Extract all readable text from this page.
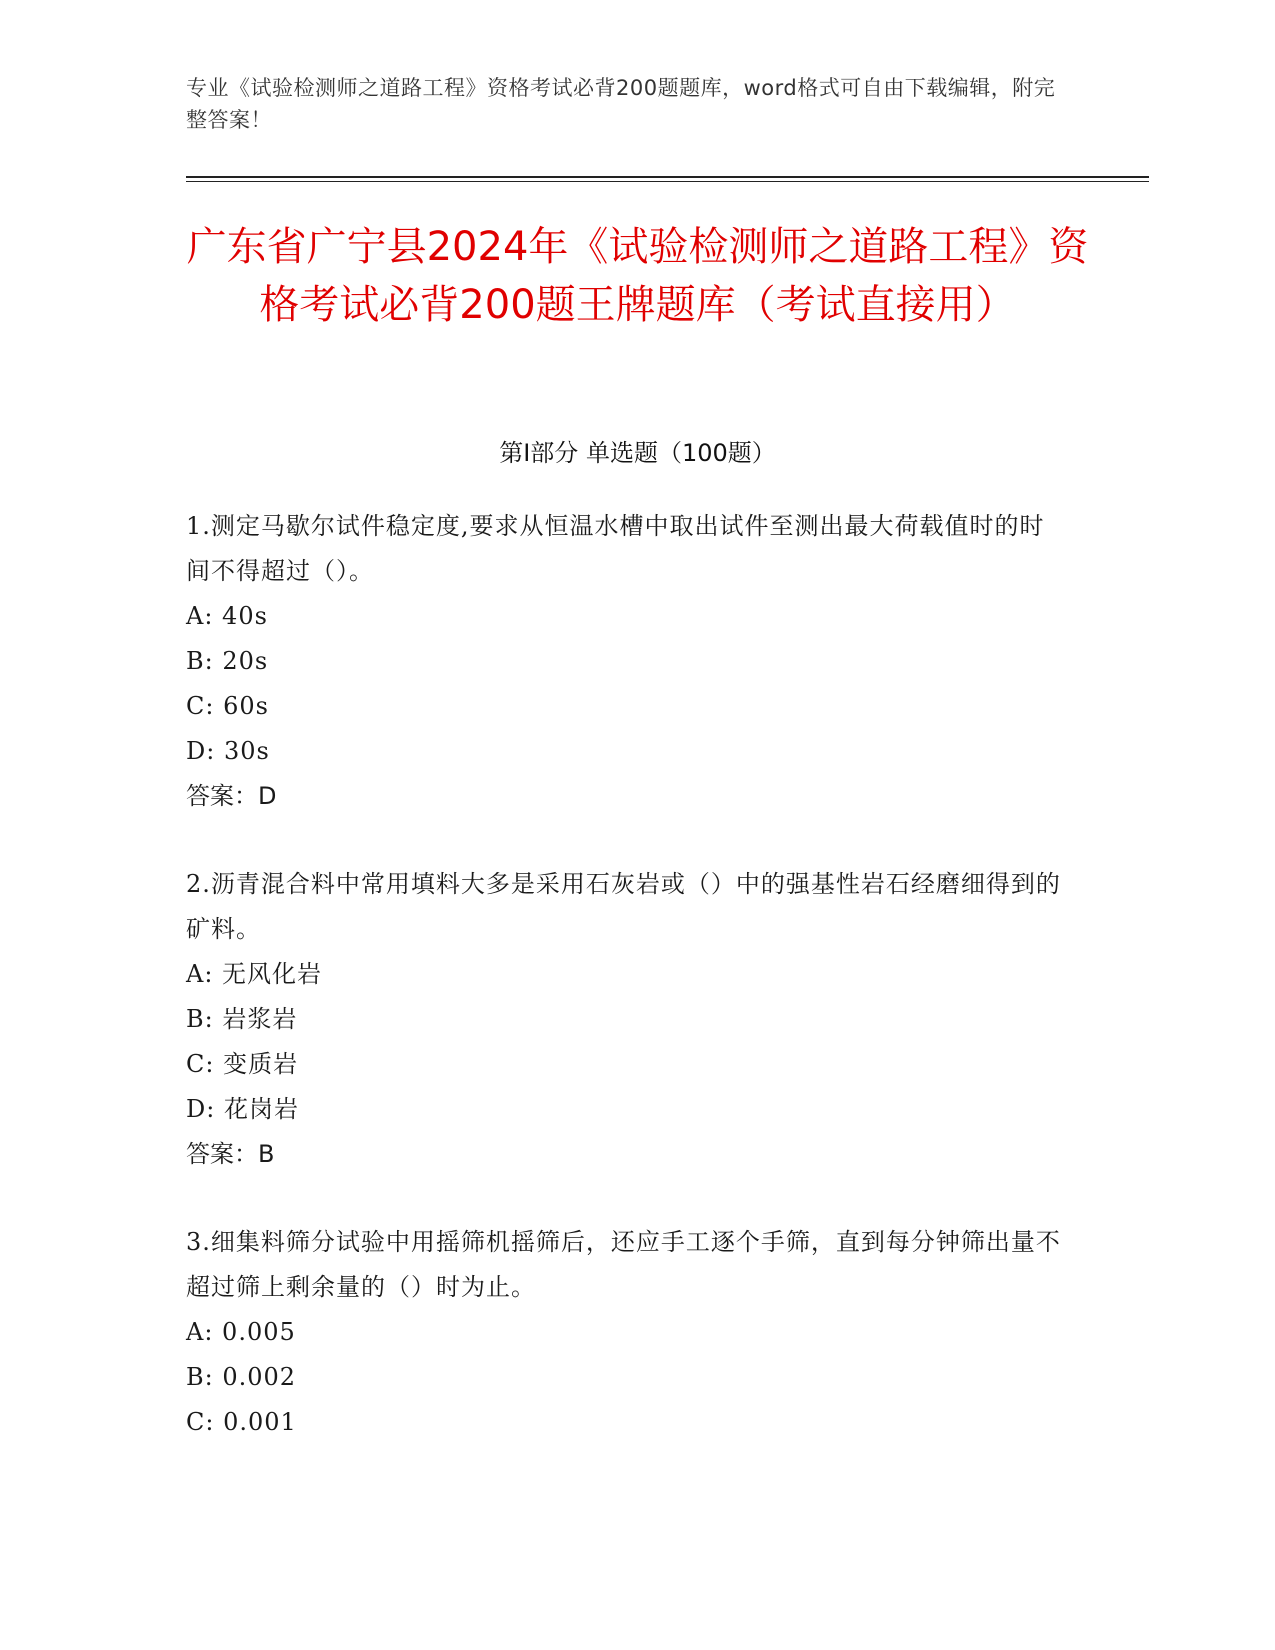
专业《试验检测师之道路工程》资格考试必背200题题库，word格式可自由下载编辑，附完整答案！
广东省广宁县2024年《试验检测师之道路工程》资格考试必背200题王牌题库（考试直接用）
第I部分 单选题（100题）
1.测定马歇尔试件稳定度,要求从恒温水槽中取出试件至测出最大荷载值时的时间不得超过（）。
A: 40s
B: 20s
C: 60s
D: 30s
答案：D
2.沥青混合料中常用填料大多是采用石灰岩或（）中的强基性岩石经磨细得到的矿料。
A: 无风化岩
B: 岩浆岩
C: 变质岩
D: 花岗岩
答案：B
3.细集料筛分试验中用摇筛机摇筛后，还应手工逐个手筛，直到每分钟筛出量不超过筛上剩余量的（）时为止。
A: 0.005
B: 0.002
C: 0.001
